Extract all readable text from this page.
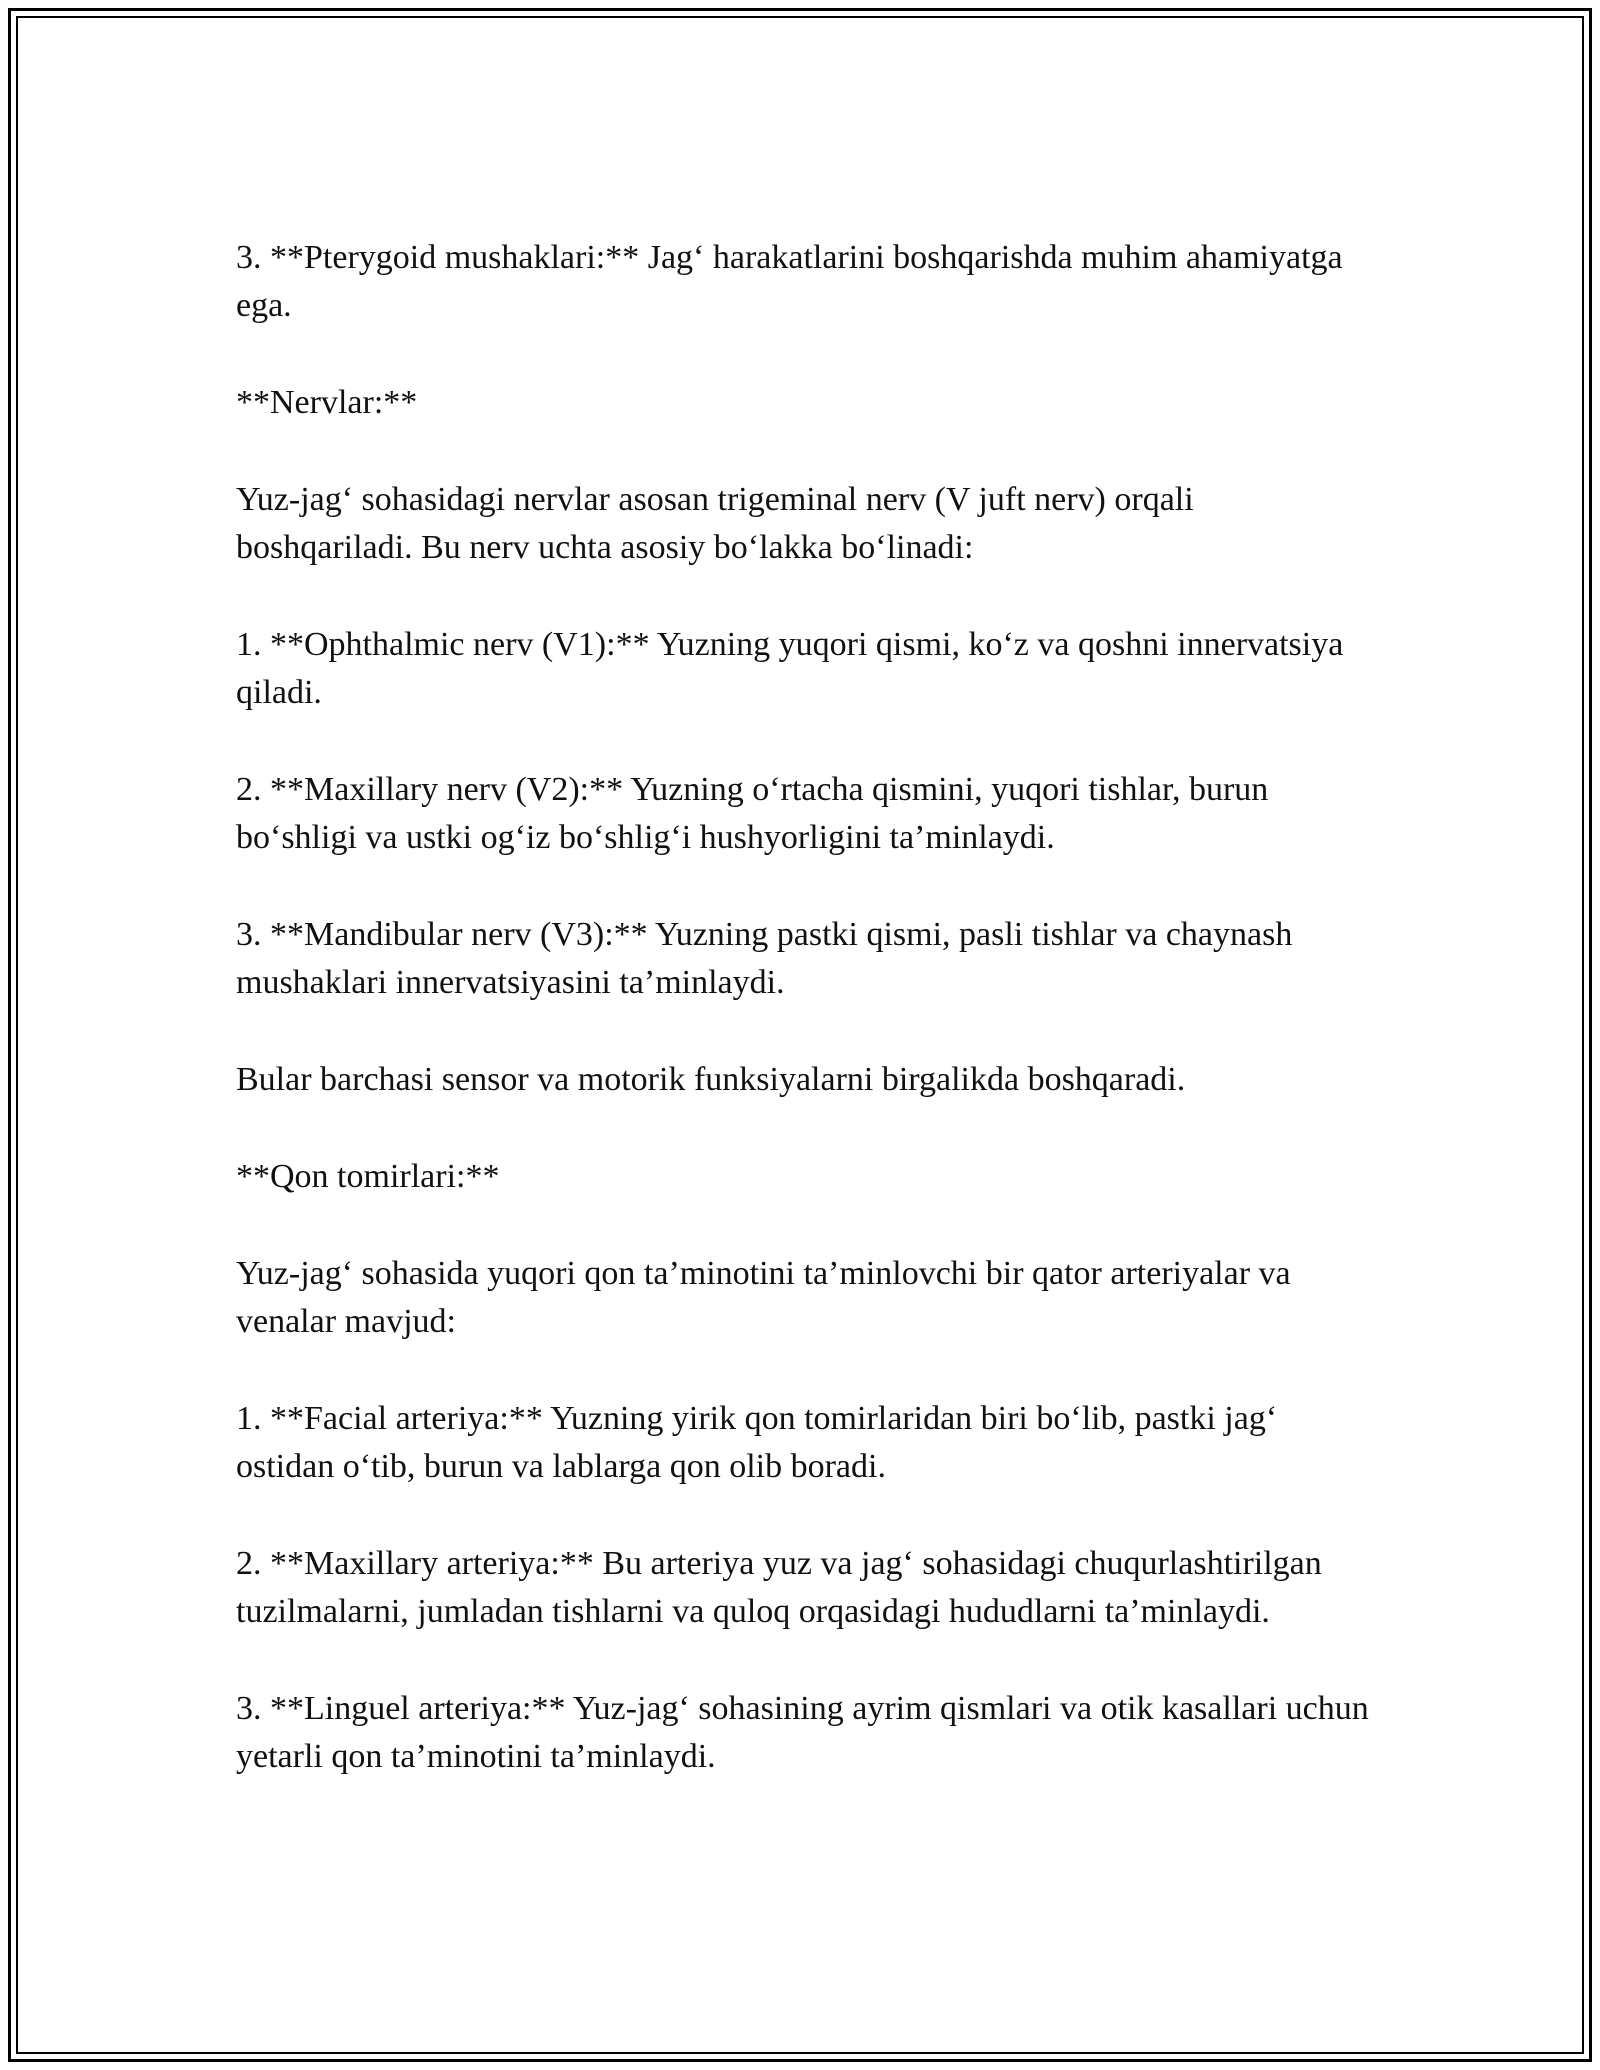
3. **Pterygoid mushaklari:** Jag‘ harakatlarini boshqarishda muhim ahamiyatga ega.

**Nervlar:**

Yuz-jag‘ sohasidagi nervlar asosan trigeminal nerv (V juft nerv) orqali boshqariladi. Bu nerv uchta asosiy bo‘lakka bo‘linadi:

1. **Ophthalmic nerv (V1):** Yuzning yuqori qismi, ko‘z va qoshni innervatsiya qiladi.

2. **Maxillary nerv (V2):** Yuzning o‘rtacha qismini, yuqori tishlar, burun bo‘shligi va ustki og‘iz bo‘shlig‘i hushyorligini ta’minlaydi.

3. **Mandibular nerv (V3):** Yuzning pastki qismi, pasli tishlar va chaynash mushaklari innervatsiyasini ta’minlaydi.

Bular barchasi sensor va motorik funksiyalarni birgalikda boshqaradi.

**Qon tomirlari:**

Yuz-jag‘ sohasida yuqori qon ta’minotini ta’minlovchi bir qator arteriyalar va venalar mavjud:

1. **Facial arteriya:** Yuzning yirik qon tomirlaridan biri bo‘lib, pastki jag‘ ostidan o‘tib, burun va lablarga qon olib boradi.

2. **Maxillary arteriya:** Bu arteriya yuz va jag‘ sohasidagi chuqurlashtirilgan tuzilmalarni, jumladan tishlarni va quloq orqasidagi hududlarni ta’minlaydi.

3. **Linguel arteriya:** Yuz-jag‘ sohasining ayrim qismlari va otik kasallari uchun yetarli qon ta’minotini ta’minlaydi.
